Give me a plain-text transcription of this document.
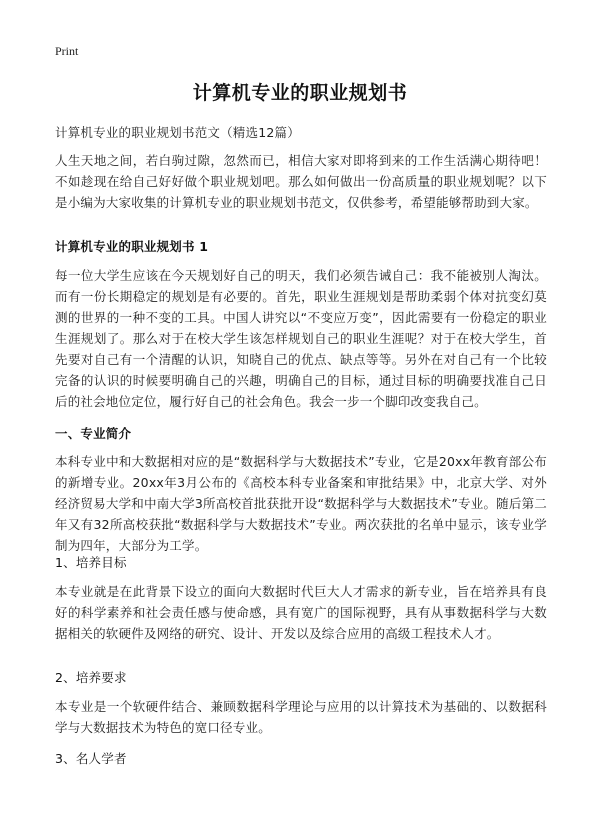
Print
计算机专业的职业规划书
计算机专业的职业规划书范文（精选12篇）
人生天地之间，若白驹过隙，忽然而已，相信大家对即将到来的工作生活满心期待吧！不如趁现在给自己好好做个职业规划吧。那么如何做出一份高质量的职业规划呢？以下是小编为大家收集的计算机专业的职业规划书范文，仅供参考，希望能够帮助到大家。
计算机专业的职业规划书 1
每一位大学生应该在今天规划好自己的明天，我们必须告诫自己：我不能被别人淘汰。而有一份长期稳定的规划是有必要的。首先，职业生涯规划是帮助柔弱个体对抗变幻莫测的世界的一种不变的工具。中国人讲究以“不变应万变”，因此需要有一份稳定的职业生涯规划了。那么对于在校大学生该怎样规划自己的职业生涯呢？对于在校大学生，首先要对自己有一个清醒的认识，知晓自己的优点、缺点等等。另外在对自己有一个比较完备的认识的时候要明确自己的兴趣，明确自己的目标，通过目标的明确要找准自己日后的社会地位定位，履行好自己的社会角色。我会一步一个脚印改变我自己。
一、专业简介
本科专业中和大数据相对应的是“数据科学与大数据技术”专业，它是20xx年教育部公布的新增专业。20xx年3月公布的《高校本科专业备案和审批结果》中，北京大学、对外经济贸易大学和中南大学3所高校首批获批开设“数据科学与大数据技术”专业。随后第二年又有32所高校获批“数据科学与大数据技术”专业。两次获批的名单中显示，该专业学制为四年，大部分为工学。
1、培养目标
本专业就是在此背景下设立的面向大数据时代巨大人才需求的新专业，旨在培养具有良好的科学素养和社会责任感与使命感，具有宽广的国际视野，具有从事数据科学与大数据相关的软硬件及网络的研究、设计、开发以及综合应用的高级工程技术人才。
2、培养要求
本专业是一个软硬件结合、兼顾数据科学理论与应用的以计算技术为基础的、以数据科学与大数据技术为特色的宽口径专业。
3、名人学者
